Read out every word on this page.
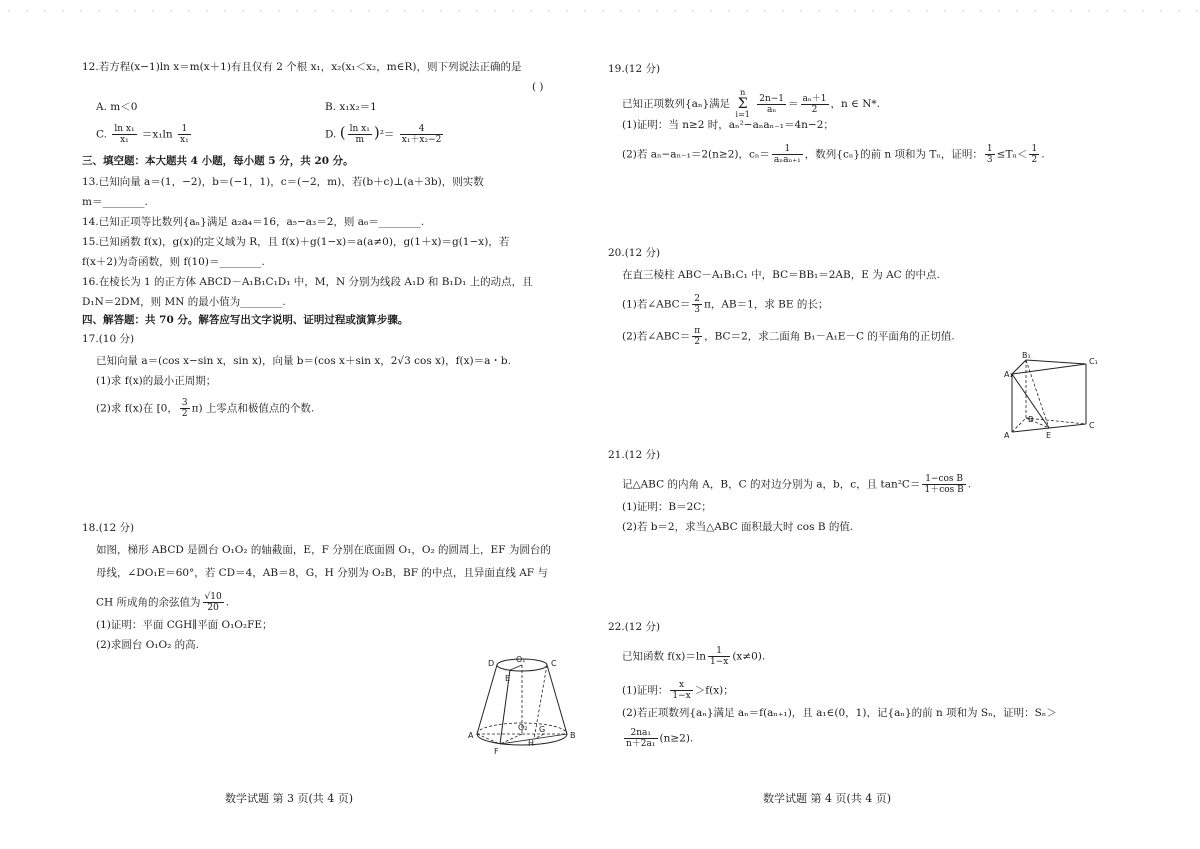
12.若方程(x−1)ln x＝m(x＋1)有且仅有 2 个根 x₁，x₂(x₁＜x₂，m∈R)，则下列说法正确的是
( )
A. m＜0	B. x₁x₂＝1
C. $\frac{\text{ln x₁}}{\text{x₁}} =x_1\ln \frac{1}{\text{x₁}}$	D. ( $\frac{\text{ln x₁}}{m} )^2= \frac{4}{\text{x₁＋x₂−2}}$
三、填空题：本大题共 4 小题，每小题 5 分，共 20 分。
13.已知向量 a＝(1，−2)，b＝(−1，1)，c＝(−2，m)，若(b＋c)⊥(a＋3b)，则实数
m＝________.
14.已知正项等比数列{aₙ}满足 a₂a₄＝16，a₅−a₃＝2，则 a₆＝________.
15.已知函数 f(x)，g(x)的定义域为 R，且 f(x)＋g(1−x)＝a(a≠0)，g(1＋x)＝g(1−x)，若
f(x＋2)为奇函数，则 f(10)＝________.
16.在棱长为 1 的正方体 ABCD－A₁B₁C₁D₁ 中，M，N 分别为线段 A₁D 和 B₁D₁ 上的动点，且
D₁N＝2DM，则 MN 的最小值为________.
四、解答题：共 70 分。解答应写出文字说明、证明过程或演算步骤。
17.(10 分)
已知向量 a＝(cos x−sin x，sin x)，向量 b＝(cos x＋sin x，2√3 cos x)，f(x)＝a・b.
(1)求 f(x)的最小正周期；
(2)求 f(x)在 [0， $\frac{3}{2} \pi$) 上零点和极值点的个数.
18.(12 分)
如图，梯形 ABCD 是圆台 O₁O₂ 的轴截面，E，F 分别在底面圆 O₁，O₂ 的圆周上，EF 为圆台的
母线，∠DO₁E＝60°，若 CD＝4，AB＝8，G，H 分别为 O₂B，BF 的中点，且异面直线 AF 与
CH 所成角的余弦值为 $\frac{√10}{20}$ .
(1)证明：平面 CGH∥平面 O₁O₂FE；
(2)求圆台 O₁O₂ 的高.
D	O₁	C
E
A
O₂ G
H
B
F
数学试题 第 3 页(共 4 页)
19.(12 分)
已知正项数列{aₙ}满足
n
Σ
i=1
$\frac{2n-1}{\text{aₙ}} = \frac{\text{aₙ＋1}}{2}$ ，n ∈ N*.
(1)证明：当 n≥2 时，aₙ²−aₙaₙ₋₁＝4n−2；
(2)若 aₙ−aₙ₋₁＝2(n≥2)，$c_n= \frac{1}{\text{aₙaₙ₊₁}}$ ，数列{cₙ}的前 n 项和为 Tₙ，证明： $\frac{1}{3} \le T_n< \frac{1}{2}$ .
20.(12 分)
在直三棱柱 ABC－A₁B₁C₁ 中，BC＝BB₁＝2AB，E 为 AC 的中点.
(1)若∠ABC＝ $\frac{2}{3}$ π，AB＝1，求 BE 的长；
(2)若∠ABC＝ $\frac{\pi}{2}$ ，BC＝2，求二面角 B₁－A₁E－C 的平面角的正切值.
B₁
C₁
A₁
B
A	E
C
21.(12 分)
记△ABC 的内角 A，B，C 的对边分别为 a，b，c，且 $\tan^2C= \frac{\text{1−cos B}}{\text{1＋cos B}}$ .
(1)证明：B＝2C；
(2)若 b＝2，求当△ABC 面积最大时 cos B 的值.
22.(12 分)
已知函数 $f(x)=\ln \frac{1}{1-x} (x\ne 0)$.
(1)证明： $\frac{x}{1-x} >f(x)$；
(2)若正项数列{aₙ}满足 aₙ＝f(aₙ₊₁)，且 a₁∈(0，1)，记{aₙ}的前 n 项和为 Sₙ，证明：Sₙ＞
$\frac{\text{2na₁}}{\text{n＋2a₁}} (n\ge 2)$.
数学试题 第 4 页(共 4 页)
